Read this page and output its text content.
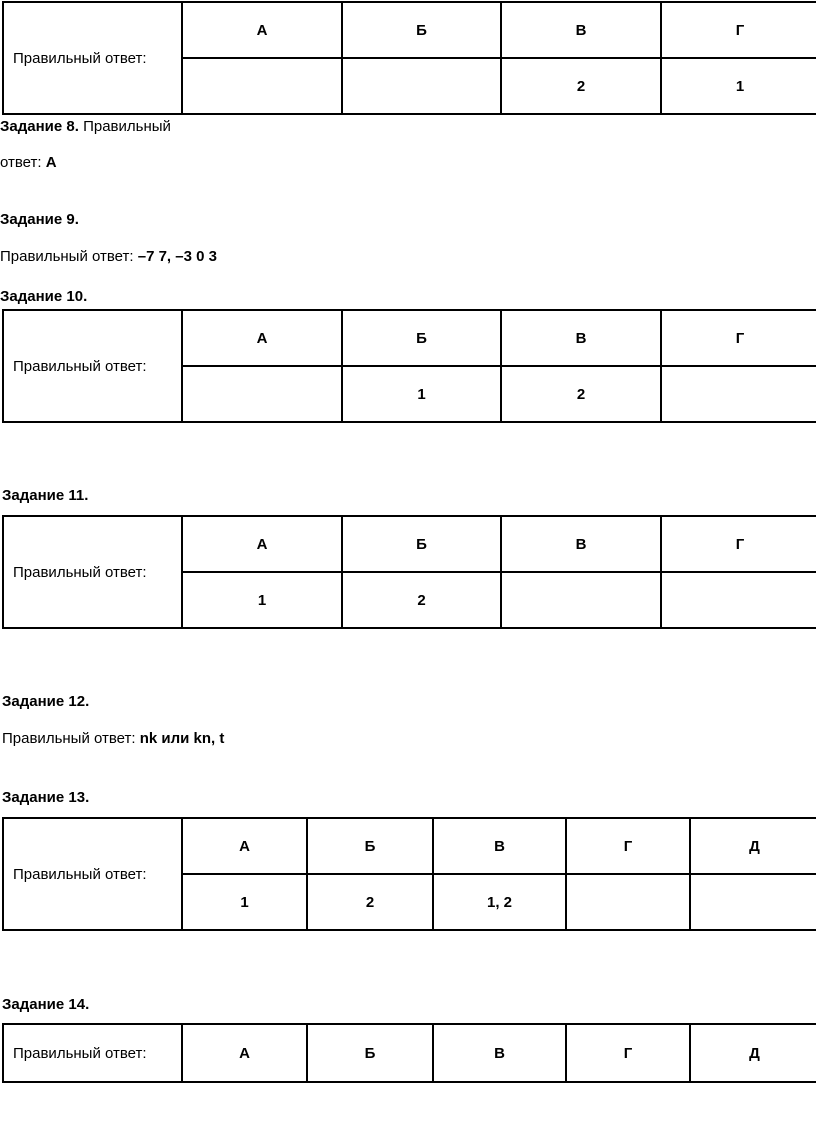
Правильный ответ:	А	Б	В	Г
			2	1
Задание 8. Правильный
ответ: А
Задание 9.
Правильный ответ: –7 7, –3 0 3
Задание 10.
Правильный ответ:	А	Б	В	Г
		1	2	
Задание 11.
Правильный ответ:	А	Б	В	Г
	1	2		
Задание 12.
Правильный ответ: nk или kn, t
Задание 13.
Правильный ответ:	А	Б	В	Г	Д
	1	2	1, 2		
Задание 14.
Правильный ответ:	А	Б	В	Г	Д
